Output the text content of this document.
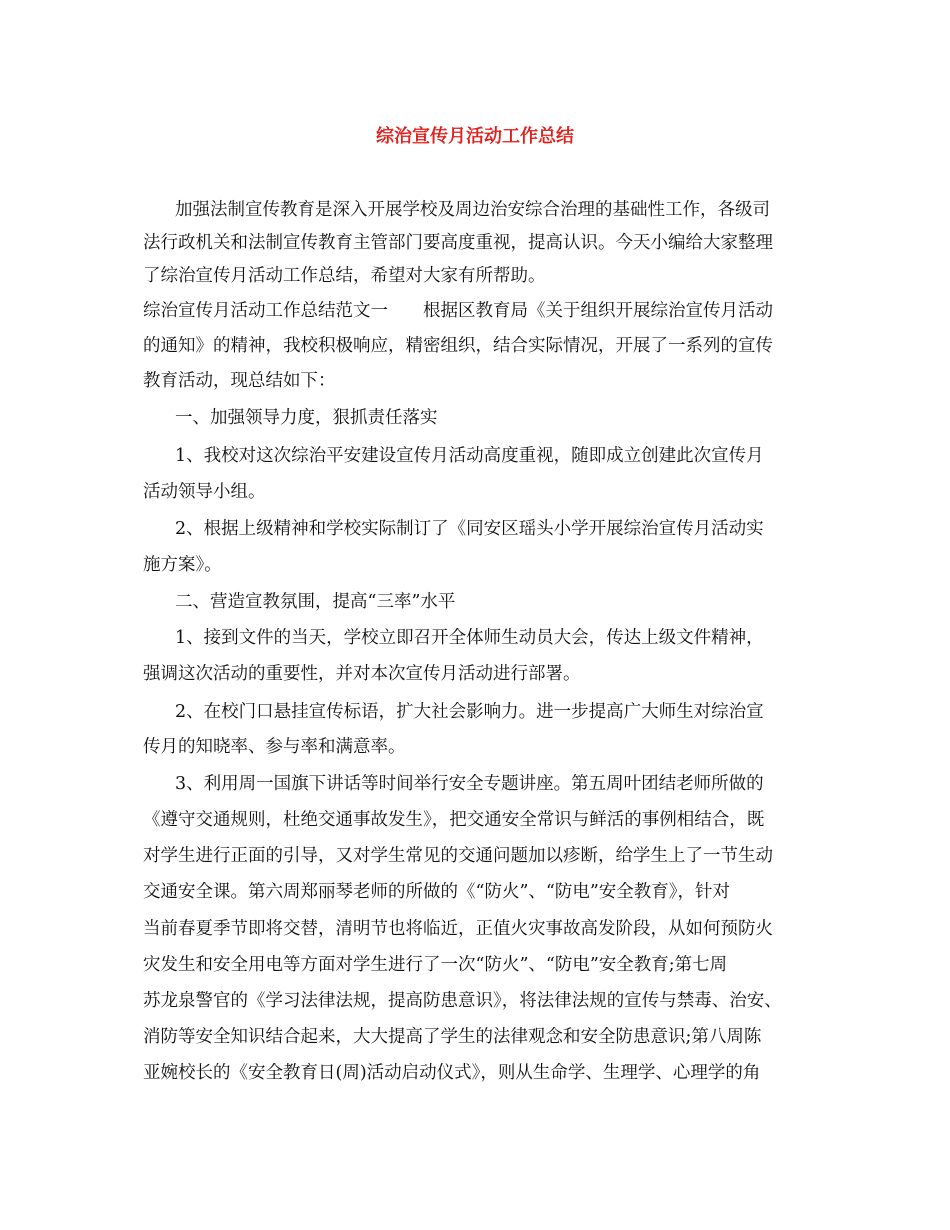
综治宣传月活动工作总结

加强法制宣传教育是深入开展学校及周边治安综合治理的基础性工作，各级司

法行政机关和法制宣传教育主管部门要高度重视，提高认识。今天小编给大家整理

了综治宣传月活动工作总结，希望对大家有所帮助。

综治宣传月活动工作总结范文一　　根据区教育局《关于组织开展综治宣传月活动

的通知》的精神，我校积极响应，精密组织，结合实际情况，开展了一系列的宣传

教育活动，现总结如下：

一、加强领导力度，狠抓责任落实

1、我校对这次综治平安建设宣传月活动高度重视，随即成立创建此次宣传月

活动领导小组。

2、根据上级精神和学校实际制订了《同安区瑶头小学开展综治宣传月活动实

施方案》。

二、营造宣教氛围，提高“三率”水平

1、接到文件的当天，学校立即召开全体师生动员大会，传达上级文件精神，

强调这次活动的重要性，并对本次宣传月活动进行部署。

2、在校门口悬挂宣传标语，扩大社会影响力。进一步提高广大师生对综治宣

传月的知晓率、参与率和满意率。

3、利用周一国旗下讲话等时间举行安全专题讲座。第五周叶团结老师所做的

《遵守交通规则，杜绝交通事故发生》，把交通安全常识与鲜活的事例相结合，既

对学生进行正面的引导，又对学生常见的交通问题加以疹断，给学生上了一节生动

交通安全课。第六周郑丽琴老师的所做的《“防火”、“防电”安全教育》，针对

当前春夏季节即将交替，清明节也将临近，正值火灾事故高发阶段，从如何预防火

灾发生和安全用电等方面对学生进行了一次“防火”、“防电”安全教育;第七周

苏龙泉警官的《学习法律法规，提高防患意识》，将法律法规的宣传与禁毒、治安、

消防等安全知识结合起来，大大提高了学生的法律观念和安全防患意识;第八周陈

亚婉校长的《安全教育日(周)活动启动仪式》，则从生命学、生理学、心理学的角
